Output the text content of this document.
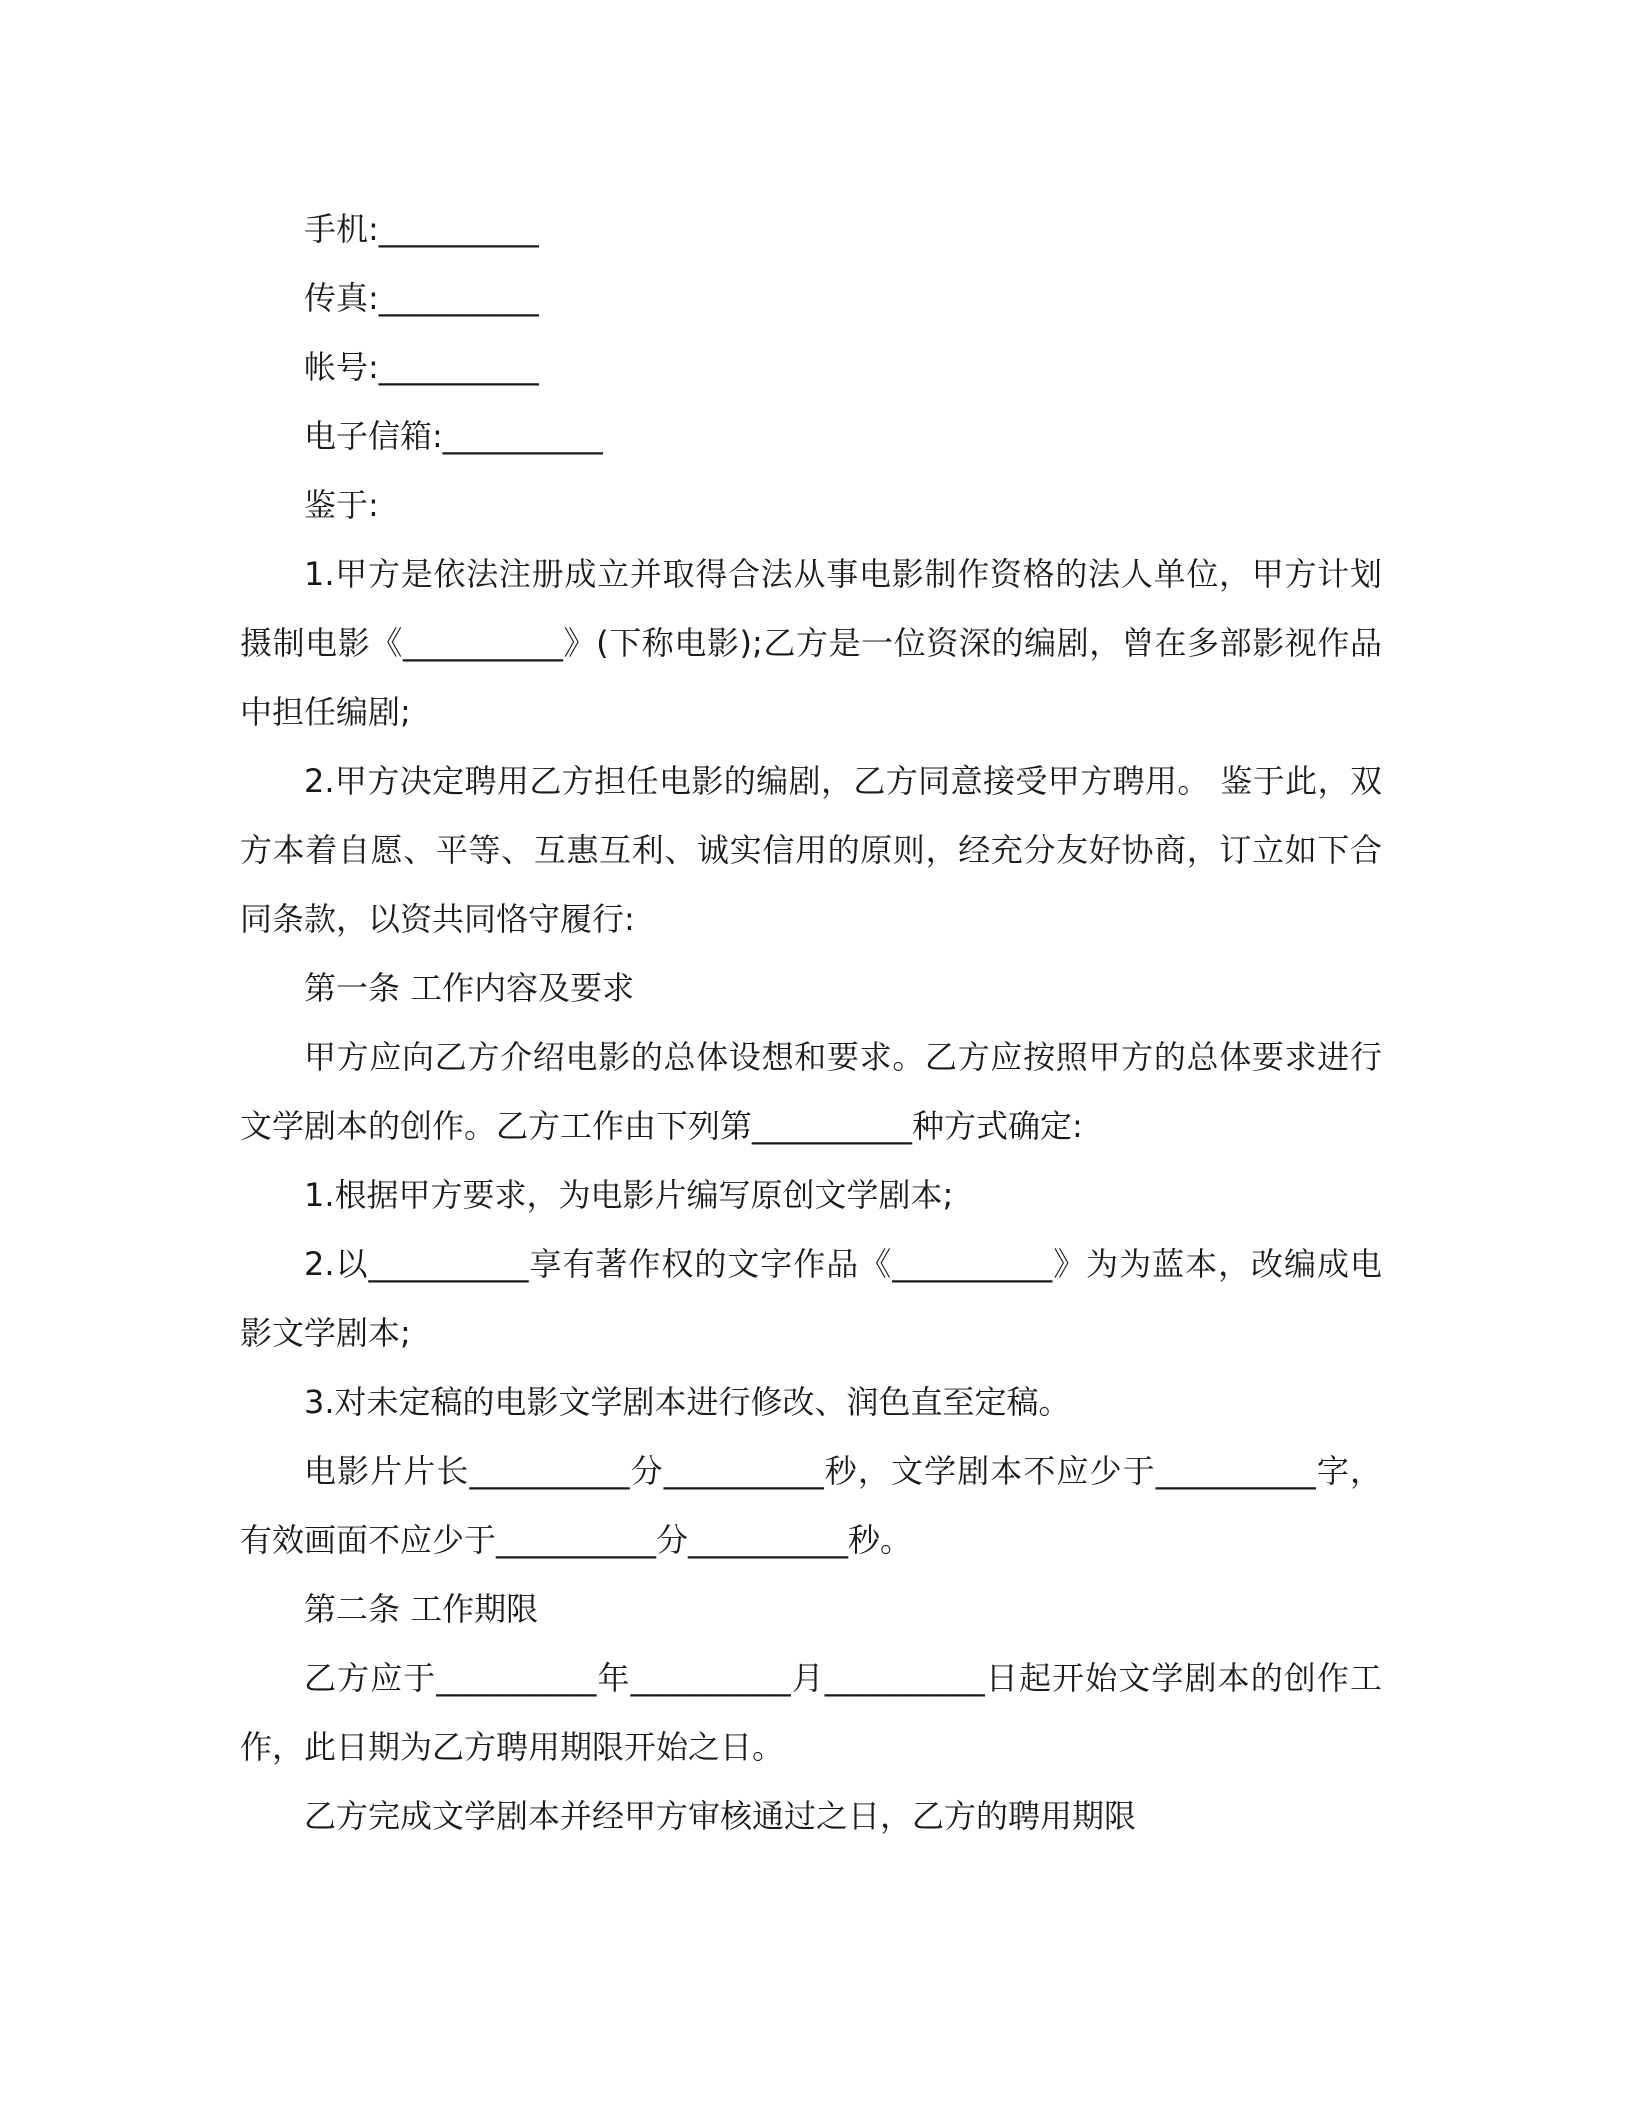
手机:__________

传真:__________

帐号:__________

电子信箱:__________

鉴于:

1.甲方是依法注册成立并取得合法从事电影制作资格的法人单位，甲方计划摄制电影《__________》(下称电影);乙方是一位资深的编剧，曾在多部影视作品中担任编剧;

2.甲方决定聘用乙方担任电影的编剧，乙方同意接受甲方聘用。 鉴于此，双方本着自愿、平等、互惠互利、诚实信用的原则，经充分友好协商，订立如下合同条款，以资共同恪守履行:

第一条 工作内容及要求

甲方应向乙方介绍电影的总体设想和要求。乙方应按照甲方的总体要求进行文学剧本的创作。乙方工作由下列第__________种方式确定:

1.根据甲方要求，为电影片编写原创文学剧本;

2.以__________享有著作权的文字作品《__________》为为蓝本，改编成电影文学剧本;

3.对未定稿的电影文学剧本进行修改、润色直至定稿。

电影片片长__________分__________秒，文学剧本不应少于__________字，有效画面不应少于__________分__________秒。

第二条 工作期限

乙方应于__________年__________月__________日起开始文学剧本的创作工作，此日期为乙方聘用期限开始之日。

乙方完成文学剧本并经甲方审核通过之日，乙方的聘用期限
